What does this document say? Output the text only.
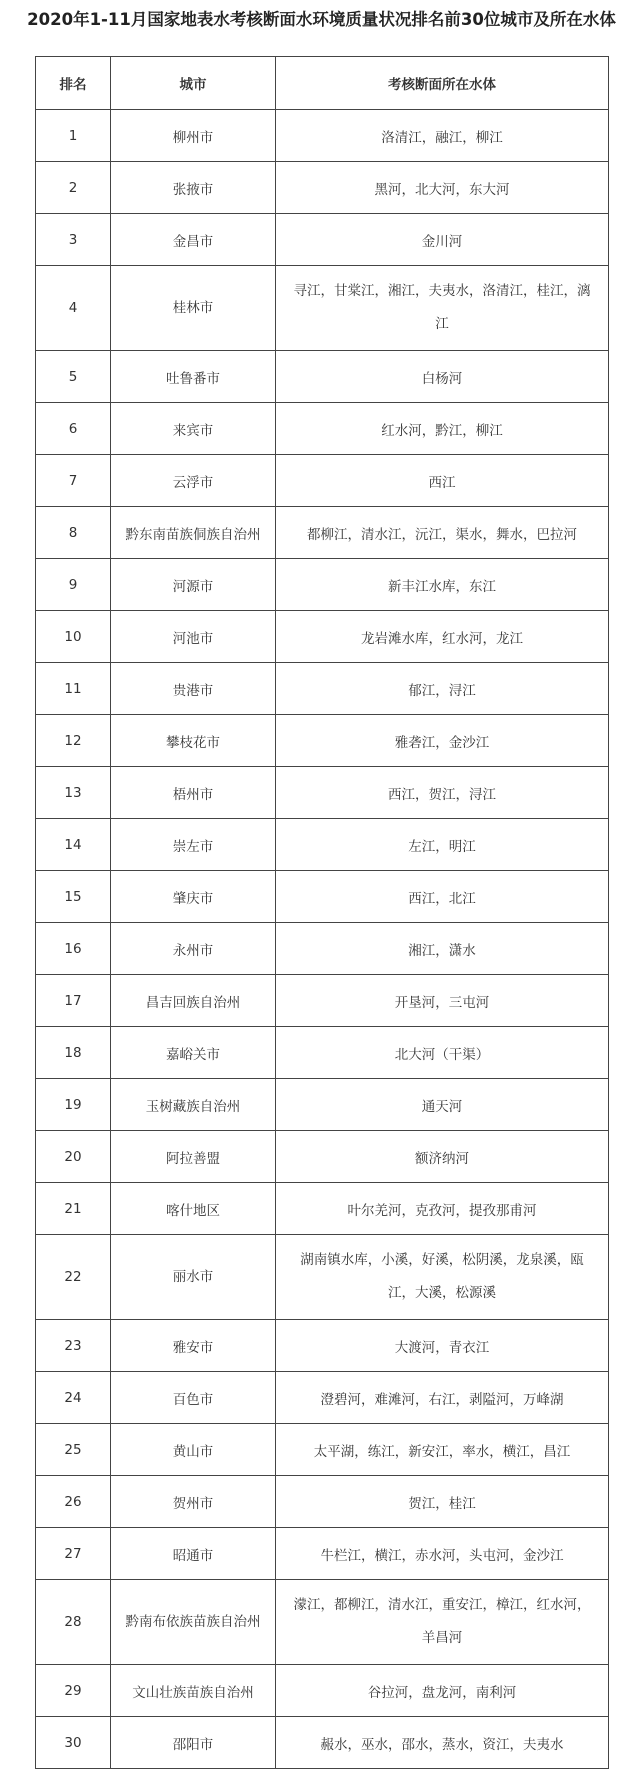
2020年1-11月国家地表水考核断面水环境质量状况排名前30位城市及所在水体
排名	城市	考核断面所在水体
1	柳州市	洛清江，融江，柳江
2	张掖市	黑河，北大河，东大河
3	金昌市	金川河
4	桂林市	寻江，甘棠江，湘江，夫夷水，洛清江，桂江，漓江
5	吐鲁番市	白杨河
6	来宾市	红水河，黔江，柳江
7	云浮市	西江
8	黔东南苗族侗族自治州	都柳江，清水江，沅江，渠水，舞水，巴拉河
9	河源市	新丰江水库，东江
10	河池市	龙岩滩水库，红水河，龙江
11	贵港市	郁江，浔江
12	攀枝花市	雅砻江，金沙江
13	梧州市	西江，贺江，浔江
14	崇左市	左江，明江
15	肇庆市	西江，北江
16	永州市	湘江，潇水
17	昌吉回族自治州	开垦河，三屯河
18	嘉峪关市	北大河（干渠）
19	玉树藏族自治州	通天河
20	阿拉善盟	额济纳河
21	喀什地区	叶尔羌河，克孜河，提孜那甫河
22	丽水市	湖南镇水库，小溪，好溪，松阴溪，龙泉溪，瓯江，大溪，松源溪
23	雅安市	大渡河，青衣江
24	百色市	澄碧河，难滩河，右江，剥隘河，万峰湖
25	黄山市	太平湖，练江，新安江，率水，横江，昌江
26	贺州市	贺江，桂江
27	昭通市	牛栏江，横江，赤水河，头屯河，金沙江
28	黔南布依族苗族自治州	濛江，都柳江，清水江，重安江，樟江，红水河，羊昌河
29	文山壮族苗族自治州	谷拉河，盘龙河，南利河
30	邵阳市	赧水，巫水，邵水，蒸水，资江，夫夷水
